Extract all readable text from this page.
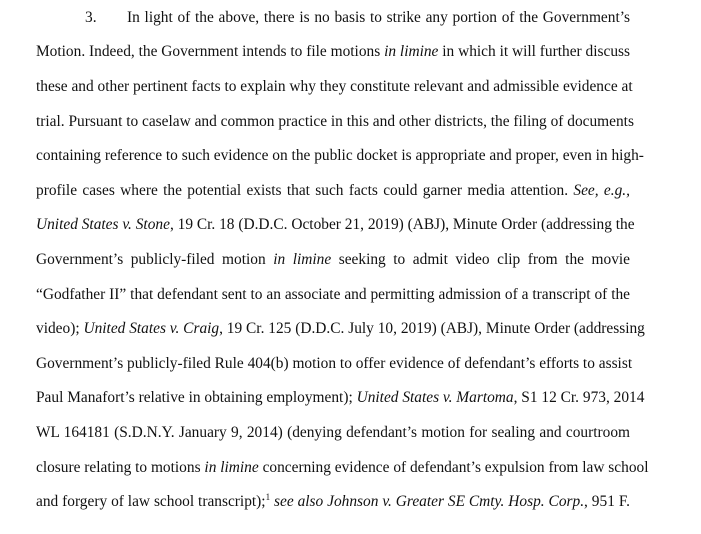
3. In light of the above, there is no basis to strike any portion of the Government’s
Motion. Indeed, the Government intends to file motions in limine in which it will further discuss
these and other pertinent facts to explain why they constitute relevant and admissible evidence at
trial. Pursuant to caselaw and common practice in this and other districts, the filing of documents
containing reference to such evidence on the public docket is appropriate and proper, even in high-
profile cases where the potential exists that such facts could garner media attention. See, e.g.,
United States v. Stone, 19 Cr. 18 (D.D.C. October 21, 2019) (ABJ), Minute Order (addressing the
Government’s publicly-filed motion in limine seeking to admit video clip from the movie
“Godfather II” that defendant sent to an associate and permitting admission of a transcript of the
video); United States v. Craig, 19 Cr. 125 (D.D.C. July 10, 2019) (ABJ), Minute Order (addressing
Government’s publicly-filed Rule 404(b) motion to offer evidence of defendant’s efforts to assist
Paul Manafort’s relative in obtaining employment); United States v. Martoma, S1 12 Cr. 973, 2014
WL 164181 (S.D.N.Y. January 9, 2014) (denying defendant’s motion for sealing and courtroom
closure relating to motions in limine concerning evidence of defendant’s expulsion from law school
and forgery of law school transcript);$^1$ see also Johnson v. Greater SE Cmty. Hosp. Corp., 951 F.
